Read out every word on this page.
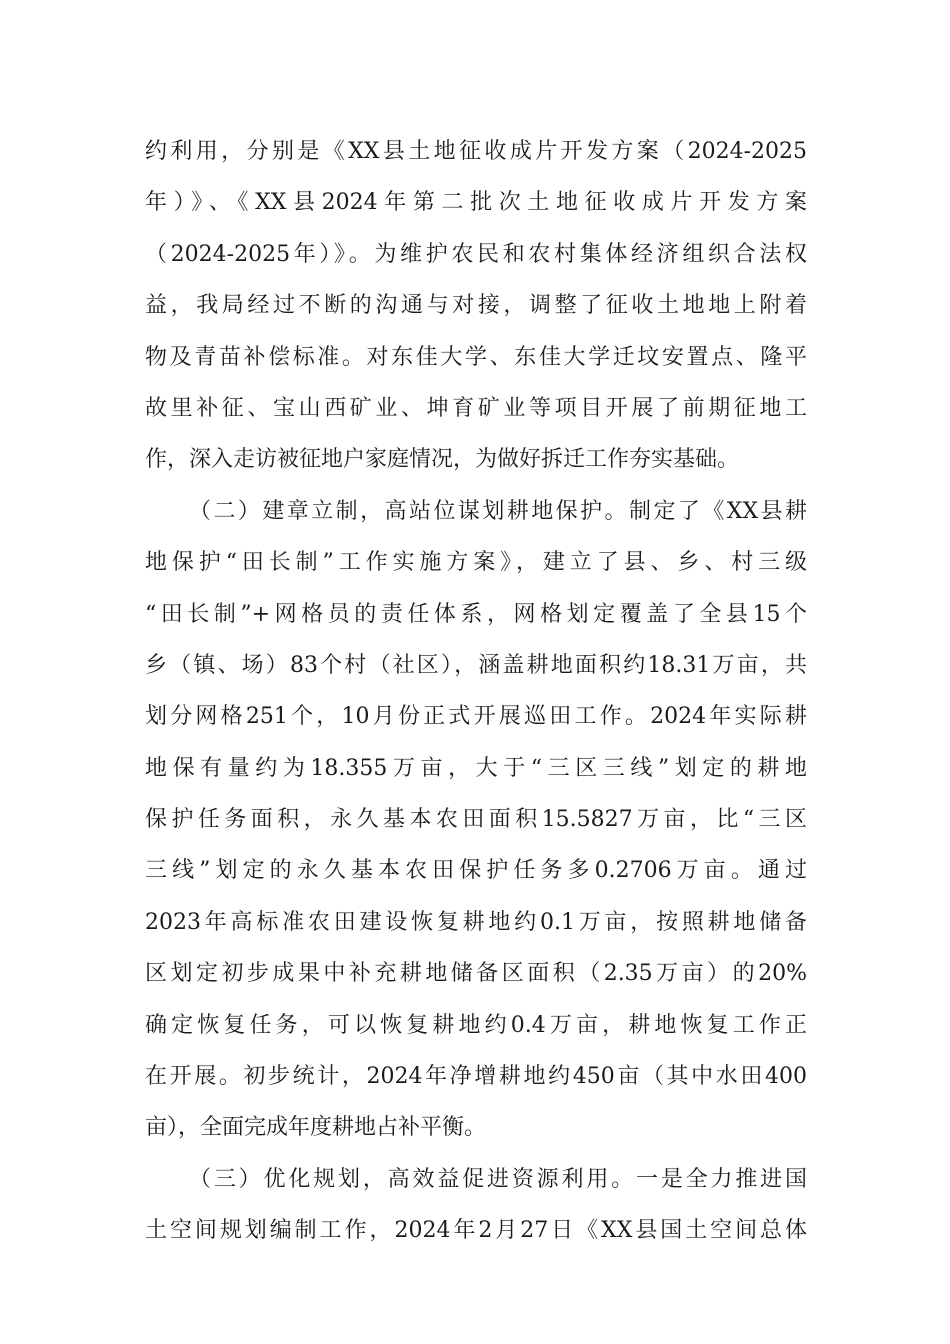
约利用，分别是《XX县土地征收成片开发方案（2024-2025
年）》、《XX县2024年第二批次土地征收成片开发方案
（2024-2025年）》。为维护农民和农村集体经济组织合法权
益，我局经过不断的沟通与对接，调整了征收土地地上附着
物及青苗补偿标准。对东佳大学、东佳大学迁坟安置点、隆平
故里补征、宝山西矿业、坤育矿业等项目开展了前期征地工
作，深入走访被征地户家庭情况，为做好拆迁工作夯实基础。
（二）建章立制，高站位谋划耕地保护。制定了《XX县耕
地保护“田长制”工作实施方案》，建立了县、乡、村三级
“田长制”+网格员的责任体系，网格划定覆盖了全县15个
乡（镇、场）83个村（社区），涵盖耕地面积约18.31万亩，共
划分网格251个，10月份正式开展巡田工作。2024年实际耕
地保有量约为18.355万亩，大于“三区三线”划定的耕地
保护任务面积，永久基本农田面积15.5827万亩，比“三区
三线”划定的永久基本农田保护任务多0.2706万亩。通过
2023年高标准农田建设恢复耕地约0.1万亩，按照耕地储备
区划定初步成果中补充耕地储备区面积（2.35万亩）的20%
确定恢复任务，可以恢复耕地约0.4万亩，耕地恢复工作正
在开展。初步统计，2024年净增耕地约450亩（其中水田400
亩），全面完成年度耕地占补平衡。
（三）优化规划，高效益促进资源利用。一是全力推进国
土空间规划编制工作，2024年2月27日《XX县国土空间总体
